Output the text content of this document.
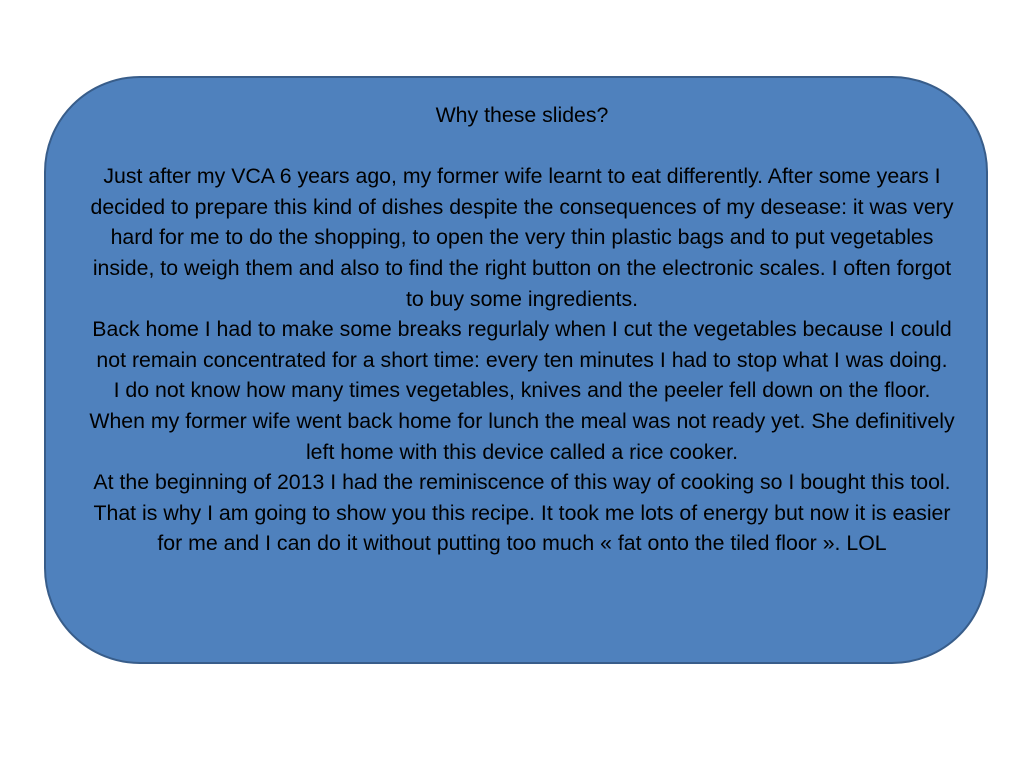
Why these slides?

Just after my VCA 6 years ago, my former wife learnt to eat differently. After some years I decided to prepare this kind of dishes despite the consequences of my desease: it was very hard for me to do the shopping, to open the very thin plastic bags and to put vegetables inside, to weigh them and also to find the right button on the electronic scales. I often forgot to buy some ingredients.

Back home I had to make some breaks regurlaly when I cut the vegetables because I could not remain concentrated for a short time: every ten minutes I had to stop what I was doing.

I do not know how many times vegetables, knives and the peeler fell down on the floor. When my former wife went back home for lunch the meal was not ready yet. She definitively left home with this device called a rice cooker.

At the beginning of 2013 I had the reminiscence of this way of cooking so I bought this tool. That is why I am going to show you this recipe. It took me lots of energy but now it is easier for me and I can do it without putting too much « fat onto the tiled floor ». LOL
